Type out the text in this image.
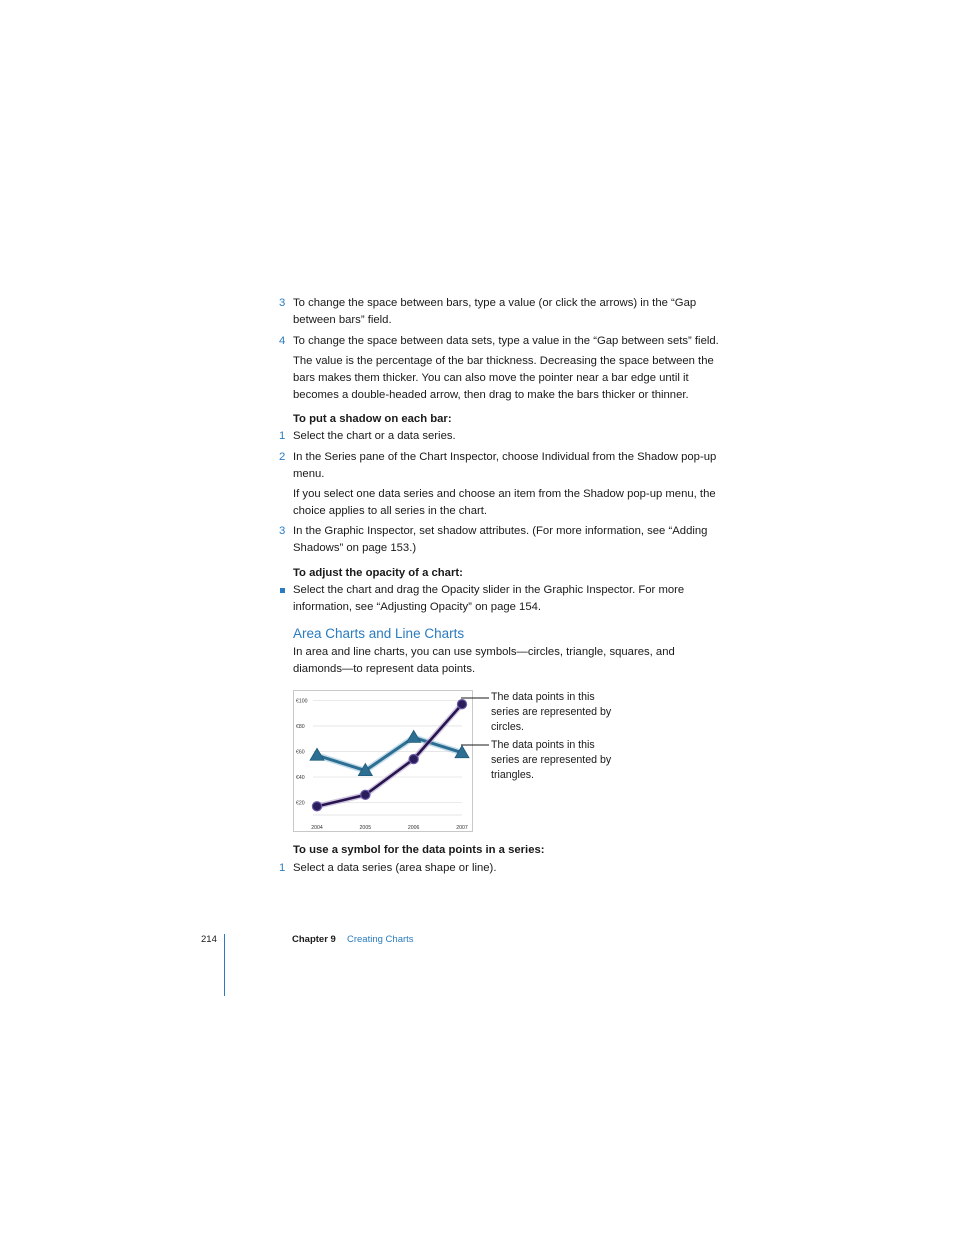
3 To change the space between bars, type a value (or click the arrows) in the “Gap
between bars” field.
4 To change the space between data sets, type a value in the “Gap between sets” field.
The value is the percentage of the bar thickness. Decreasing the space between the
bars makes them thicker. You can also move the pointer near a bar edge until it
becomes a double-headed arrow, then drag to make the bars thicker or thinner.
To put a shadow on each bar:
1 Select the chart or a data series.
2 In the Series pane of the Chart Inspector, choose Individual from the Shadow pop-up
menu.
If you select one data series and choose an item from the Shadow pop-up menu, the
choice applies to all series in the chart.
3 In the Graphic Inspector, set shadow attributes. (For more information, see “Adding
Shadows” on page 153.)
To adjust the opacity of a chart:
Select the chart and drag the Opacity slider in the Graphic Inspector. For more
information, see “Adjusting Opacity” on page 154.
Area Charts and Line Charts
In area and line charts, you can use symbols—circles, triangle, squares, and
diamonds—to represent data points.
€100
€80
€60
€40
€20
2004	2005	2006	2007
The data points in this
series are represented by
circles.
The data points in this
series are represented by
triangles.
To use a symbol for the data points in a series:
1 Select a data series (area shape or line).
214	Chapter 9 Creating Charts
